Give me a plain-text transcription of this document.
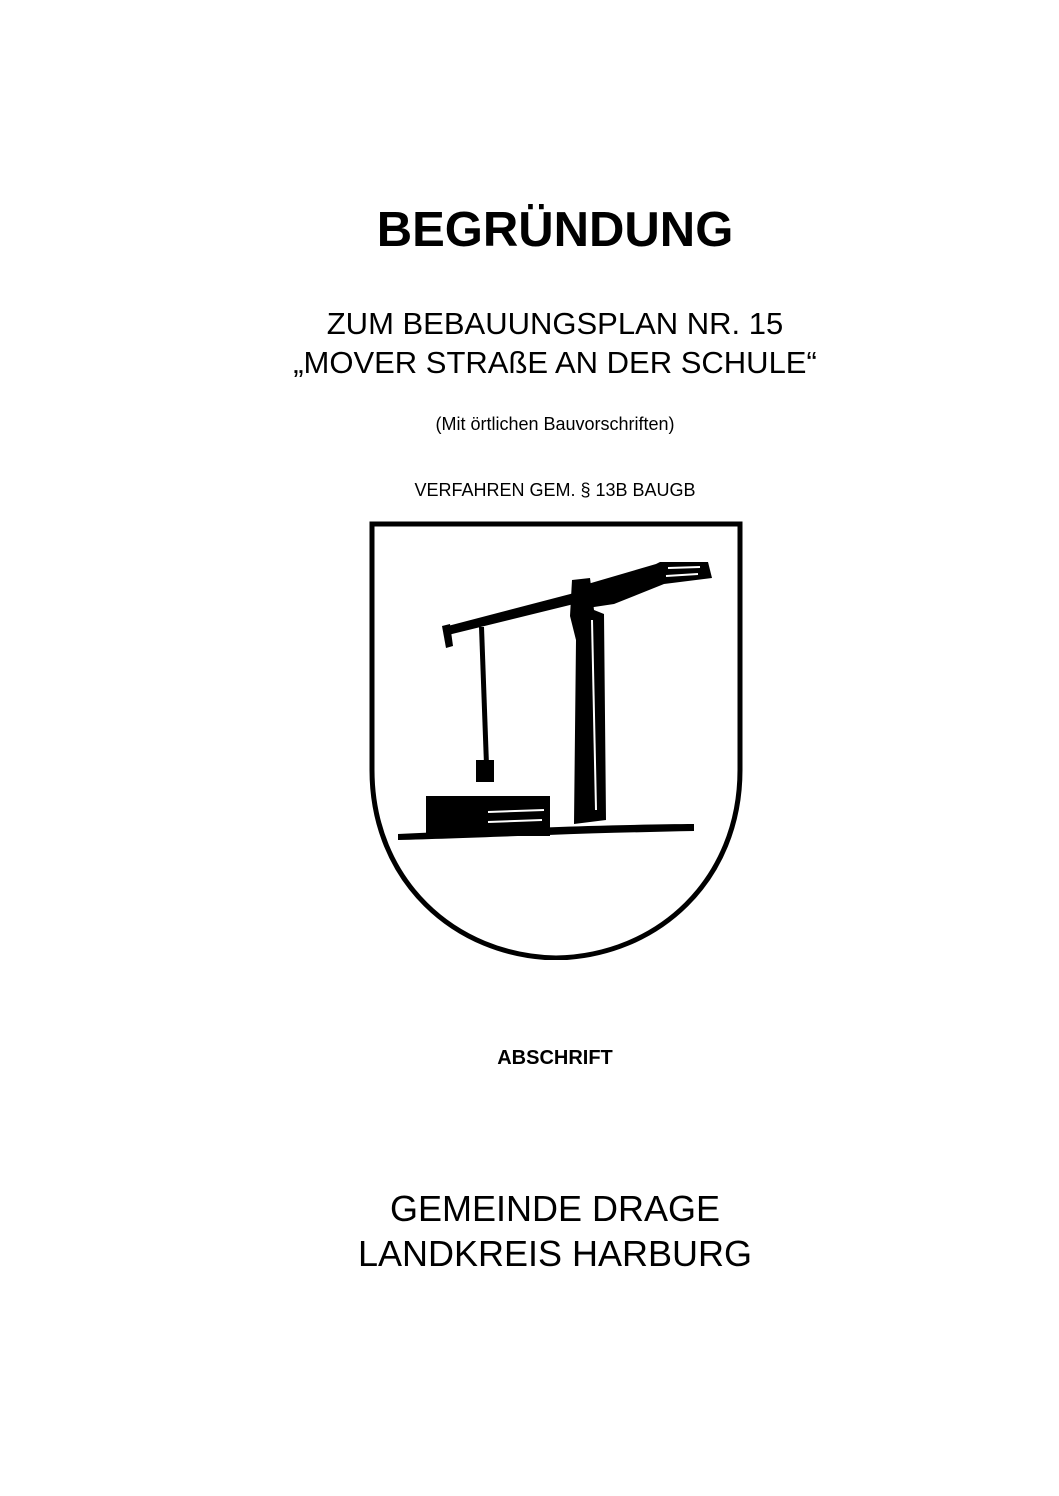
BEGRÜNDUNG

ZUM BEBAUUNGSPLAN NR. 15

„MOVER STRAßE AN DER SCHULE“

(Mit örtlichen Bauvorschriften)

VERFAHREN GEM. § 13B BAUGB

ABSCHRIFT

GEMEINDE DRAGE

LANDKREIS HARBURG
